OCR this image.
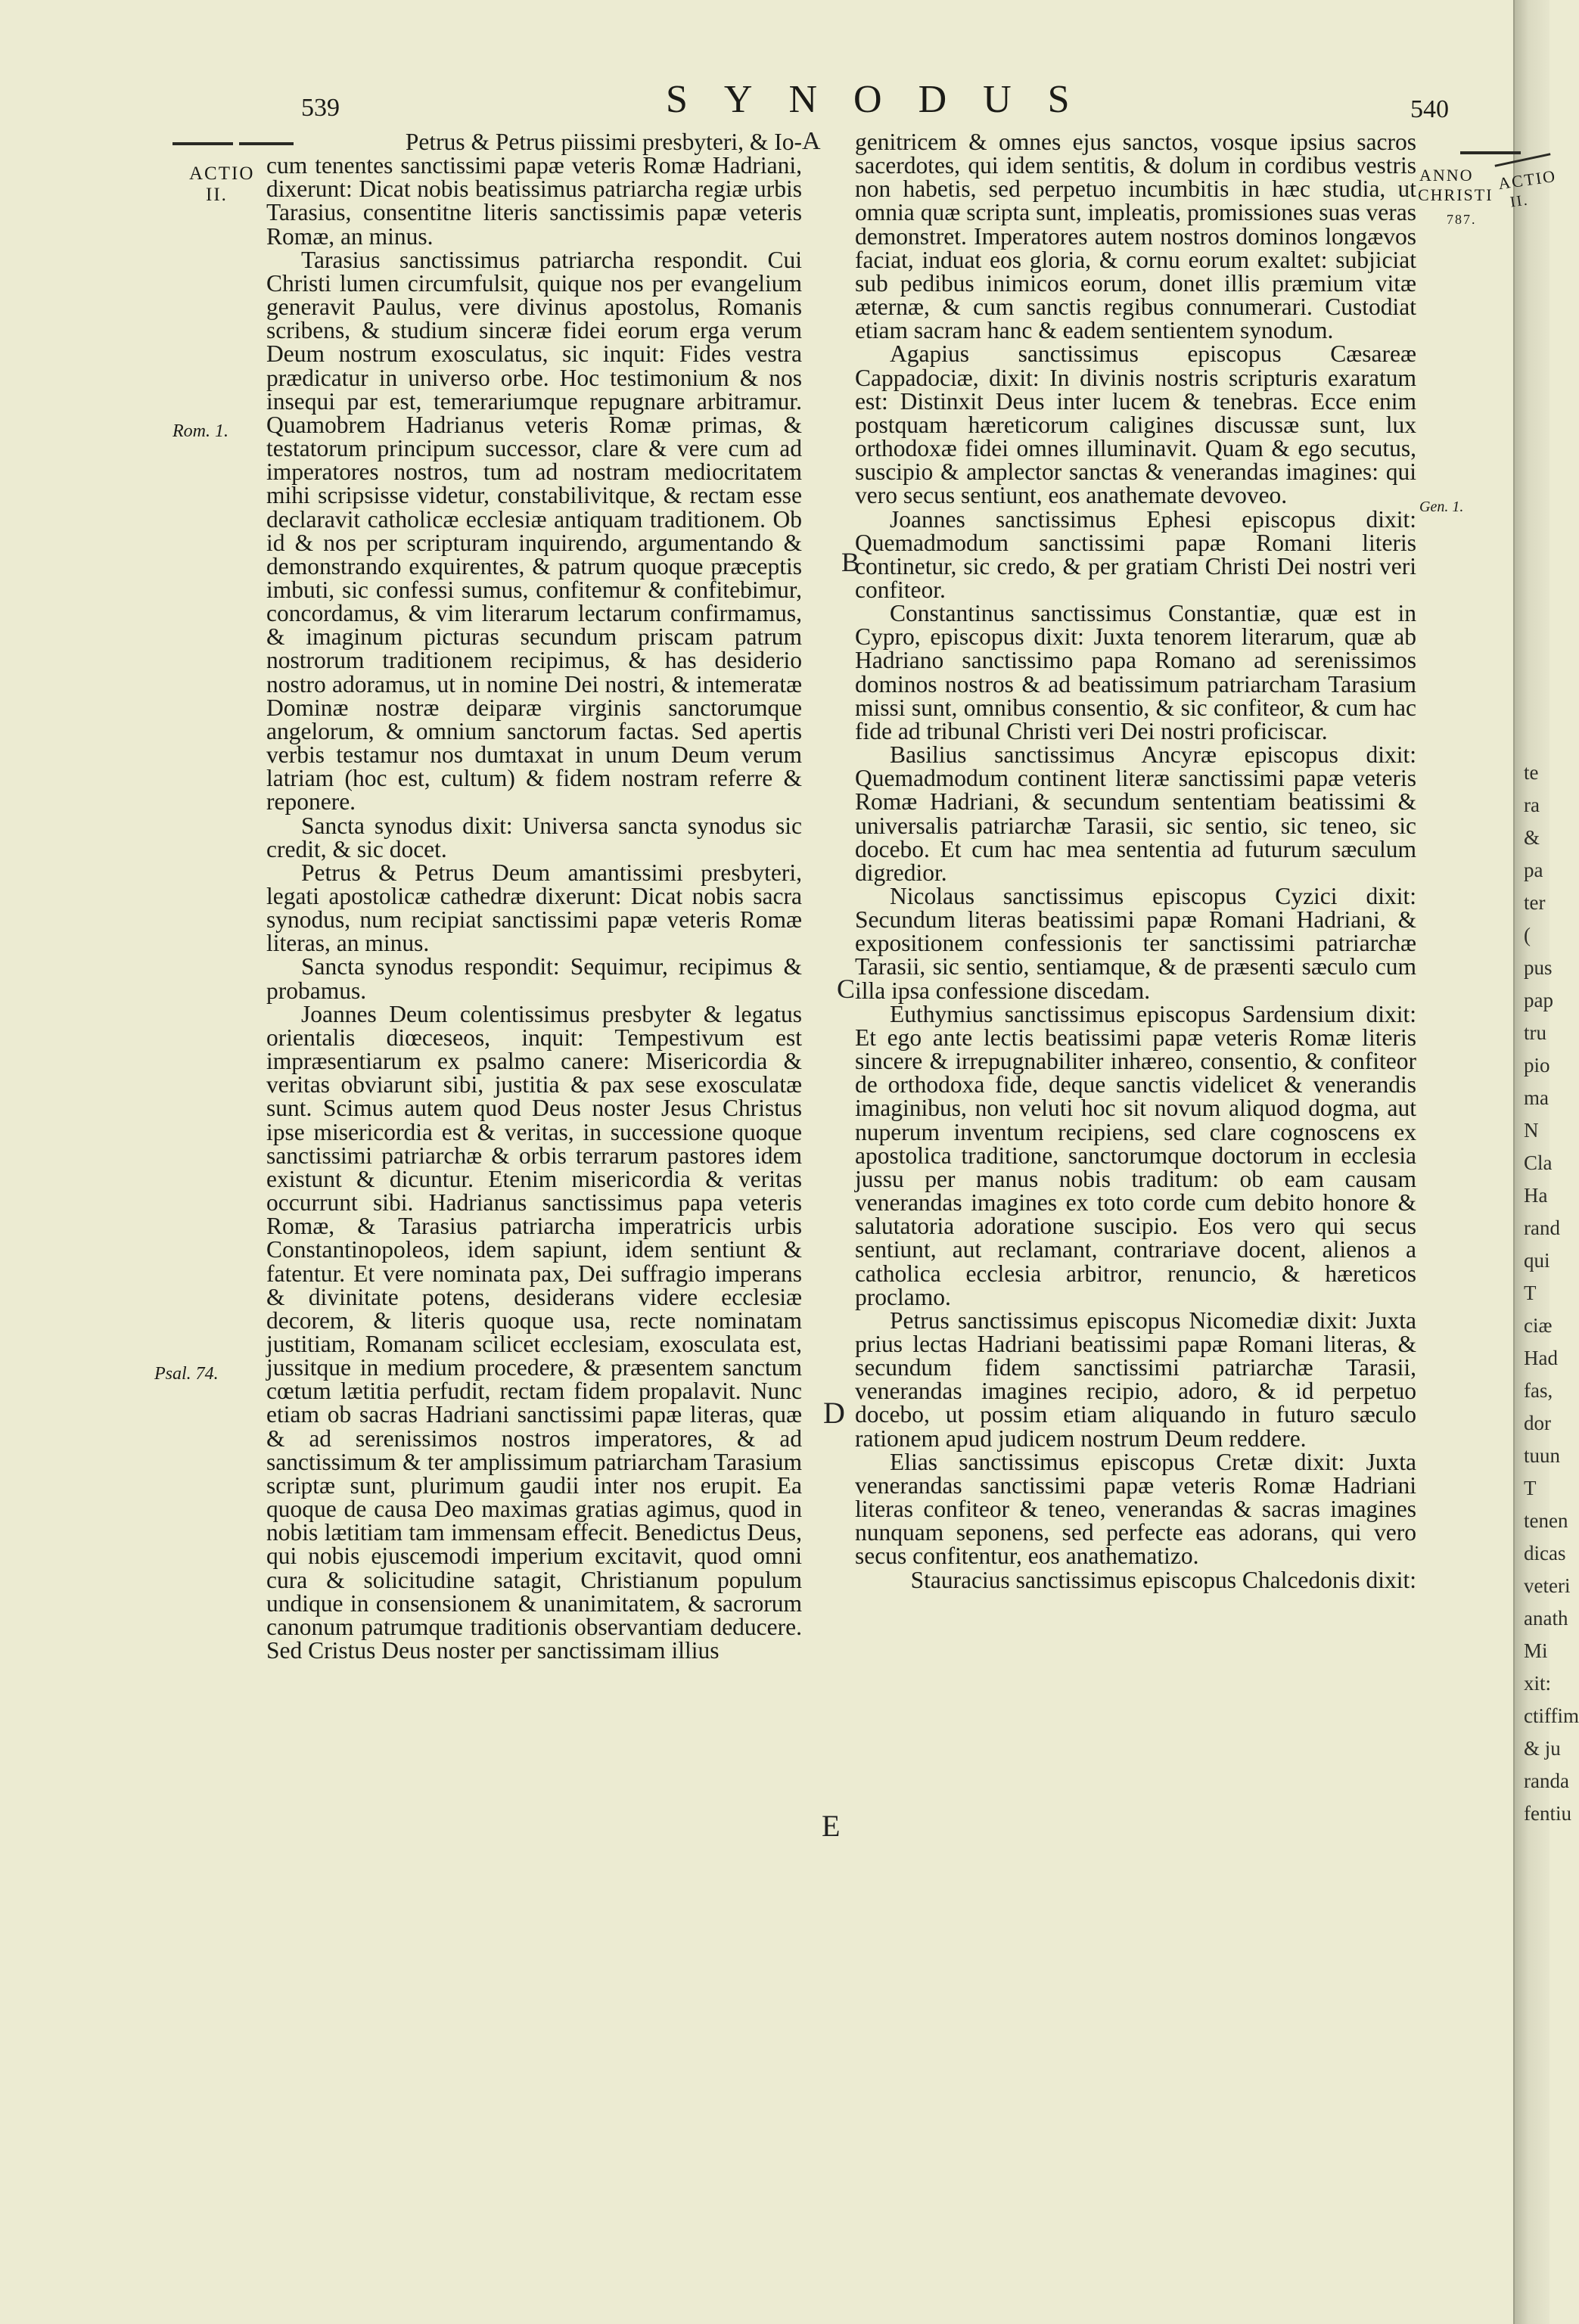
539	SYNODUS	540
ACTIO
II.
Rom. 1.
Psal. 74.
ANNO
CHRISTI
787.
ACTIO
II.
Gen. 1.
A
B
C
D
E

Petrus & Petrus piissimi presbyteri, & Io-

cum tenentes sanctissimi papæ veteris Romæ Hadriani, dixerunt: Dicat nobis beatissimus patriarcha regiæ urbis Tarasius, consentitne literis sanctissimis papæ veteris Romæ, an minus.

Tarasius sanctissimus patriarcha respondit. Cui Christi lumen circumfulsit, quique nos per evangelium generavit Paulus, vere divinus apostolus, Romanis scribens, & studium sinceræ fidei eorum erga verum Deum nostrum exosculatus, sic inquit: Fides vestra prædicatur in universo orbe. Hoc testimonium & nos insequi par est, temerariumque repugnare arbitramur. Quamobrem Hadrianus veteris Romæ primas, & testatorum principum successor, clare & vere cum ad imperatores nostros, tum ad nostram mediocritatem mihi scripsisse videtur, constabilivitque, & rectam esse declaravit catholicæ ecclesiæ antiquam traditionem. Ob id & nos per scripturam inquirendo, argumentando & demonstrando exquirentes, & patrum quoque præceptis imbuti, sic confessi sumus, confitemur & confitebimur, concordamus, & vim literarum lectarum confirmamus, & imaginum picturas secundum priscam patrum nostrorum traditionem recipimus, & has desiderio nostro adoramus, ut in nomine Dei nostri, & intemeratæ Dominæ nostræ deiparæ virginis sanctorumque angelorum, & omnium sanctorum factas. Sed apertis verbis testamur nos dumtaxat in unum Deum verum latriam (hoc est, cultum) & fidem nostram referre & reponere.

Sancta synodus dixit: Universa sancta synodus sic credit, & sic docet.

Petrus & Petrus Deum amantissimi presbyteri, legati apostolicæ cathedræ dixerunt: Dicat nobis sacra synodus, num recipiat sanctissimi papæ veteris Romæ literas, an minus.

Sancta synodus respondit: Sequimur, recipimus & probamus.

Joannes Deum colentissimus presbyter & legatus orientalis diœceseos, inquit: Tempestivum est impræsentiarum ex psalmo canere: Misericordia & veritas obviarunt sibi, justitia & pax sese exosculatæ sunt. Scimus autem quod Deus noster Jesus Christus ipse misericordia est & veritas, in successione quoque sanctissimi patriarchæ & orbis terrarum pastores idem existunt & dicuntur. Etenim misericordia & veritas occurrunt sibi. Hadrianus sanctissimus papa veteris Romæ, & Tarasius patriarcha imperatricis urbis Constantinopoleos, idem sapiunt, idem sentiunt & fatentur. Et vere nominata pax, Dei suffragio imperans & divinitate potens, desiderans videre ecclesiæ decorem, & literis quoque usa, recte nominatam justitiam, Romanam scilicet ecclesiam, exosculata est, jussitque in medium procedere, & præsentem sanctum cœtum lætitia perfudit, rectam fidem propalavit. Nunc etiam ob sacras Hadriani sanctissimi papæ literas, quæ & ad serenissimos nostros imperatores, & ad sanctissimum & ter amplissimum patriarcham Tarasium scriptæ sunt, plurimum gaudii inter nos erupit. Ea quoque de causa Deo maximas gratias agimus, quod in nobis lætitiam tam immensam effecit. Benedictus Deus, qui nobis ejuscemodi imperium excitavit, quod omni cura & solicitudine satagit, Christianum populum undique in consensionem & unanimitatem, & sacrorum canonum patrumque traditionis observantiam deducere. Sed Cristus Deus noster per sanctissimam illius

genitricem & omnes ejus sanctos, vosque ipsius sacros sacerdotes, qui idem sentitis, & dolum in cordibus vestris non habetis, sed perpetuo incumbitis in hæc studia, ut omnia quæ scripta sunt, impleatis, promissiones suas veras demonstret. Imperatores autem nostros dominos longævos faciat, induat eos gloria, & cornu eorum exaltet: subjiciat sub pedibus inimicos eorum, donet illis præmium vitæ æternæ, & cum sanctis regibus connumerari. Custodiat etiam sacram hanc & eadem sentientem synodum.

Agapius sanctissimus episcopus Cæsareæ Cappadociæ, dixit: In divinis nostris scripturis exaratum est: Distinxit Deus inter lucem & tenebras. Ecce enim postquam hæreticorum caligines discussæ sunt, lux orthodoxæ fidei omnes illuminavit. Quam & ego secutus, suscipio & amplector sanctas & venerandas imagines: qui vero secus sentiunt, eos anathemate devoveo.

Joannes sanctissimus Ephesi episcopus dixit: Quemadmodum sanctissimi papæ Romani literis continetur, sic credo, & per gratiam Christi Dei nostri veri confiteor.

Constantinus sanctissimus Constantiæ, quæ est in Cypro, episcopus dixit: Juxta tenorem literarum, quæ ab Hadriano sanctissimo papa Romano ad serenissimos dominos nostros & ad beatissimum patriarcham Tarasium missi sunt, omnibus consentio, & sic confiteor, & cum hac fide ad tribunal Christi veri Dei nostri proficiscar.

Basilius sanctissimus Ancyræ episcopus dixit: Quemadmodum continent literæ sanctissimi papæ veteris Romæ Hadriani, & secundum sententiam beatissimi & universalis patriarchæ Tarasii, sic sentio, sic teneo, sic docebo. Et cum hac mea sententia ad futurum sæculum digredior.

Nicolaus sanctissimus episcopus Cyzici dixit: Secundum literas beatissimi papæ Romani Hadriani, & expositionem confessionis ter sanctissimi patriarchæ Tarasii, sic sentio, sentiamque, & de præsenti sæculo cum illa ipsa confessione discedam.

Euthymius sanctissimus episcopus Sardensium dixit: Et ego ante lectis beatissimi papæ veteris Romæ literis sincere & irrepugnabiliter inhæreo, consentio, & confiteor de orthodoxa fide, deque sanctis videlicet & venerandis imaginibus, non veluti hoc sit novum aliquod dogma, aut nuperum inventum recipiens, sed clare cognoscens ex apostolica traditione, sanctorumque doctorum in ecclesia jussu per manus nobis traditum: ob eam causam venerandas imagines ex toto corde cum debito honore & salutatoria adoratione suscipio. Eos vero qui secus sentiunt, aut reclamant, contrariave docent, alienos a catholica ecclesia arbitror, renuncio, & hæreticos proclamo.

Petrus sanctissimus episcopus Nicomediæ dixit: Juxta prius lectas Hadriani beatissimi papæ Romani literas, & secundum fidem sanctissimi patriarchæ Tarasii, venerandas imagines recipio, adoro, & id perpetuo docebo, ut possim etiam aliquando in futuro sæculo rationem apud judicem nostrum Deum reddere.

Elias sanctissimus episcopus Cretæ dixit: Juxta venerandas sanctissimi papæ veteris Romæ Hadriani literas confiteor & teneo, venerandas & sacras imagines nunquam seponens, sed perfecte eas adorans, qui vero secus confitentur, eos anathematizo.

Stauracius sanctissimus episcopus Chalcedonis dixit:

te
ra
&
pa
ter
(
pus
pap
tru
pio
ma
N
Cla
Ha
rand
qui
T
ciæ
Had
fas,
dor
tuun
T
tenen
dicas
veteri
anath
Mi
xit:
ctiffim
& ju
randa
fentiu
